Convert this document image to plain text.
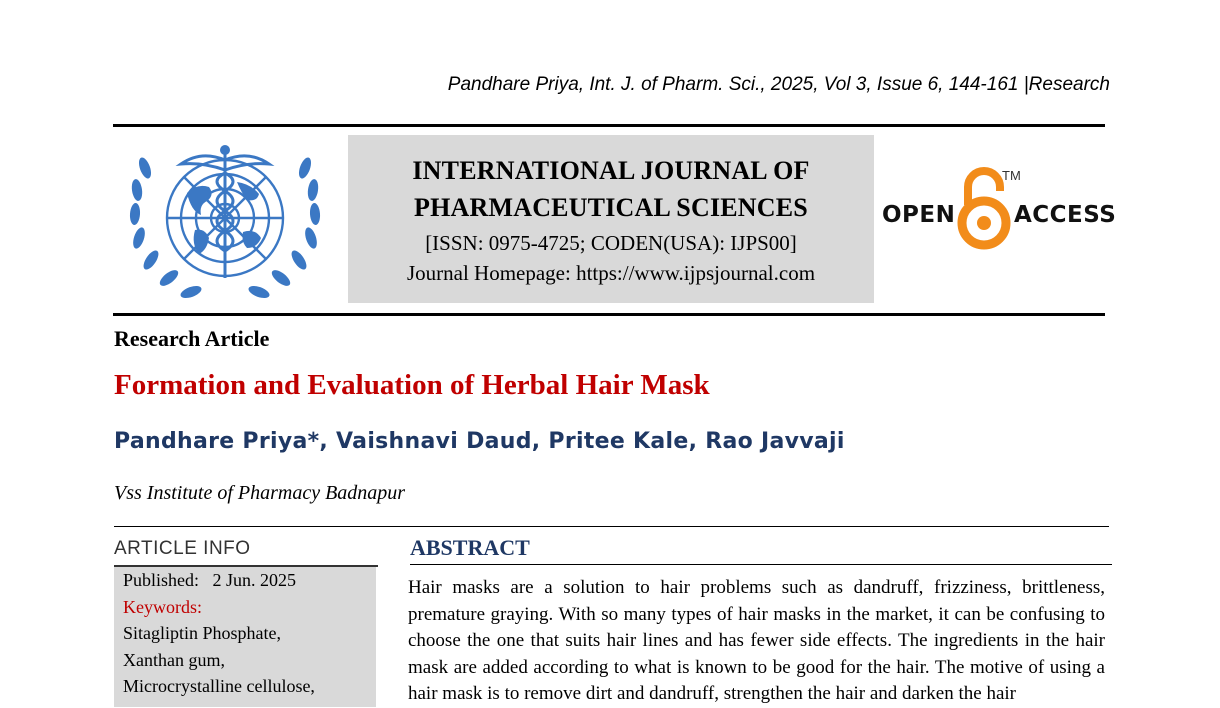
Pandhare Priya, Int. J. of Pharm. Sci., 2025, Vol 3, Issue 6, 144-161 |Research
INTERNATIONAL JOURNAL OF
PHARMACEUTICAL SCIENCES
[ISSN: 0975-4725; CODEN(USA): IJPS00]
Journal Homepage: https://www.ijpsjournal.com
OPEN
TM
ACCESS
Research Article
Formation and Evaluation of Herbal Hair Mask
Pandhare Priya*, Vaishnavi Daud, Pritee Kale, Rao Javvaji
Vss Institute of Pharmacy Badnapur
ARTICLE INFO
Published: 2 Jun. 2025
Keywords:
Sitagliptin Phosphate,
Xanthan gum,
Microcrystalline cellulose,
ABSTRACT
Hair masks are a solution to hair problems such as dandruff, frizziness, brittleness, premature graying. With so many types of hair masks in the market, it can be confusing to choose the one that suits hair lines and has fewer side effects. The ingredients in the hair mask are added according to what is known to be good for the hair. The motive of using a hair mask is to remove dirt and dandruff, strengthen the hair and darken the hair
